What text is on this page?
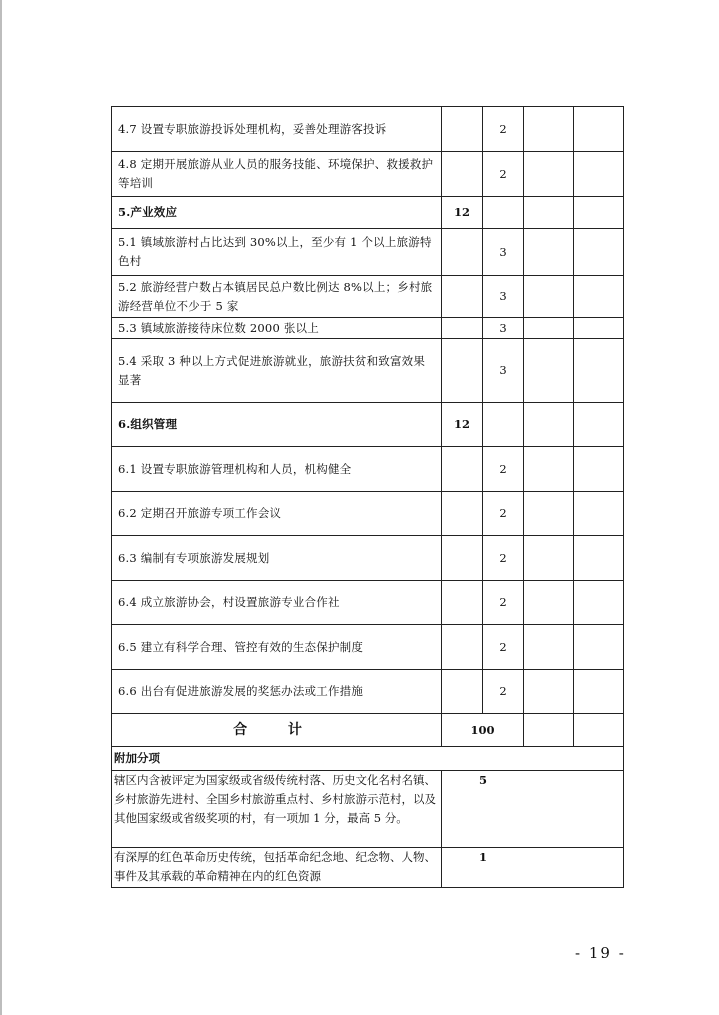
4.7 设置专职旅游投诉处理机构，妥善处理游客投诉		2		
4.8 定期开展旅游从业人员的服务技能、环境保护、救援救护等培训		2		
5.产业效应	12			
5.1 镇域旅游村占比达到 30%以上，至少有 1 个以上旅游特色村		3		
5.2 旅游经营户数占本镇居民总户数比例达 8%以上；乡村旅游经营单位不少于 5 家		3		
5.3 镇域旅游接待床位数 2000 张以上		3		
5.4 采取 3 种以上方式促进旅游就业，旅游扶贫和致富效果显著		3		
6.组织管理	12			
6.1 设置专职旅游管理机构和人员，机构健全		2		
6.2 定期召开旅游专项工作会议		2		
6.3 编制有专项旅游发展规划		2		
6.4 成立旅游协会，村设置旅游专业合作社		2		
6.5 建立有科学合理、管控有效的生态保护制度		2		
6.6 出台有促进旅游发展的奖惩办法或工作措施		2		
合 计	100			
附加分项				
辖区内含被评定为国家级或省级传统村落、历史文化名村名镇、乡村旅游先进村、全国乡村旅游重点村、乡村旅游示范村，以及其他国家级或省级奖项的村，有一项加 1 分，最高 5 分。	5			

有深厚的红色革命历史传统，包括革命纪念地、纪念物、人物、事件及其承载的革命精神在内的红色资源	1			
- 19 -
